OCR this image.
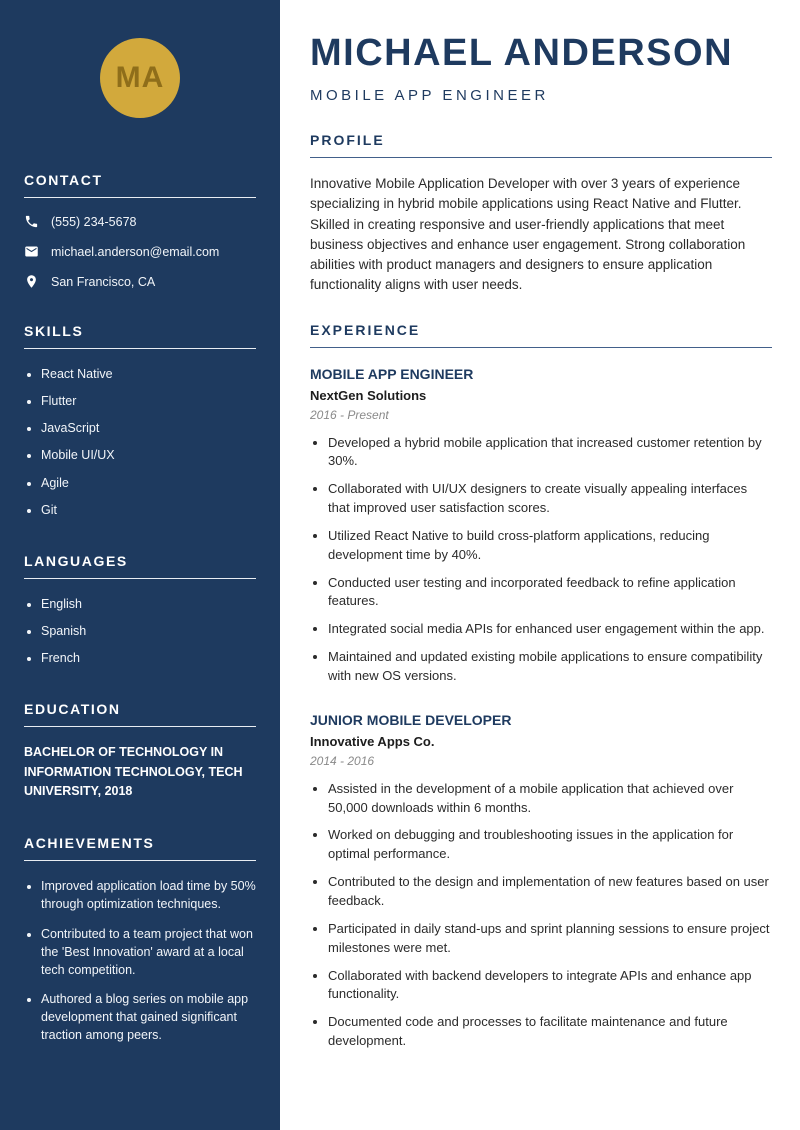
MA
CONTACT
(555) 234-5678
michael.anderson@email.com
San Francisco, CA
SKILLS
• React Native
• Flutter
• JavaScript
• Mobile UI/UX
• Agile
• Git
LANGUAGES
• English
• Spanish
• French
EDUCATION

BACHELOR OF TECHNOLOGY IN INFORMATION TECHNOLOGY, TECH UNIVERSITY, 2018

ACHIEVEMENTS
• Improved application load time by 50% through optimization techniques.
• Contributed to a team project that won the 'Best Innovation' award at a local tech competition.
• Authored a blog series on mobile app development that gained significant traction among peers.
MICHAEL ANDERSON
MOBILE APP ENGINEER
PROFILE

Innovative Mobile Application Developer with over 3 years of experience specializing in hybrid mobile applications using React Native and Flutter. Skilled in creating responsive and user-friendly applications that meet business objectives and enhance user engagement. Strong collaboration abilities with product managers and designers to ensure application functionality aligns with user needs.

EXPERIENCE
MOBILE APP ENGINEER
NextGen Solutions
2016 - Present
• Developed a hybrid mobile application that increased customer retention by 30%.
• Collaborated with UI/UX designers to create visually appealing interfaces that improved user satisfaction scores.
• Utilized React Native to build cross-platform applications, reducing development time by 40%.
• Conducted user testing and incorporated feedback to refine application features.
• Integrated social media APIs for enhanced user engagement within the app.
• Maintained and updated existing mobile applications to ensure compatibility with new OS versions.
JUNIOR MOBILE DEVELOPER
Innovative Apps Co.
2014 - 2016
• Assisted in the development of a mobile application that achieved over 50,000 downloads within 6 months.
• Worked on debugging and troubleshooting issues in the application for optimal performance.
• Contributed to the design and implementation of new features based on user feedback.
• Participated in daily stand-ups and sprint planning sessions to ensure project milestones were met.
• Collaborated with backend developers to integrate APIs and enhance app functionality.
• Documented code and processes to facilitate maintenance and future development.
